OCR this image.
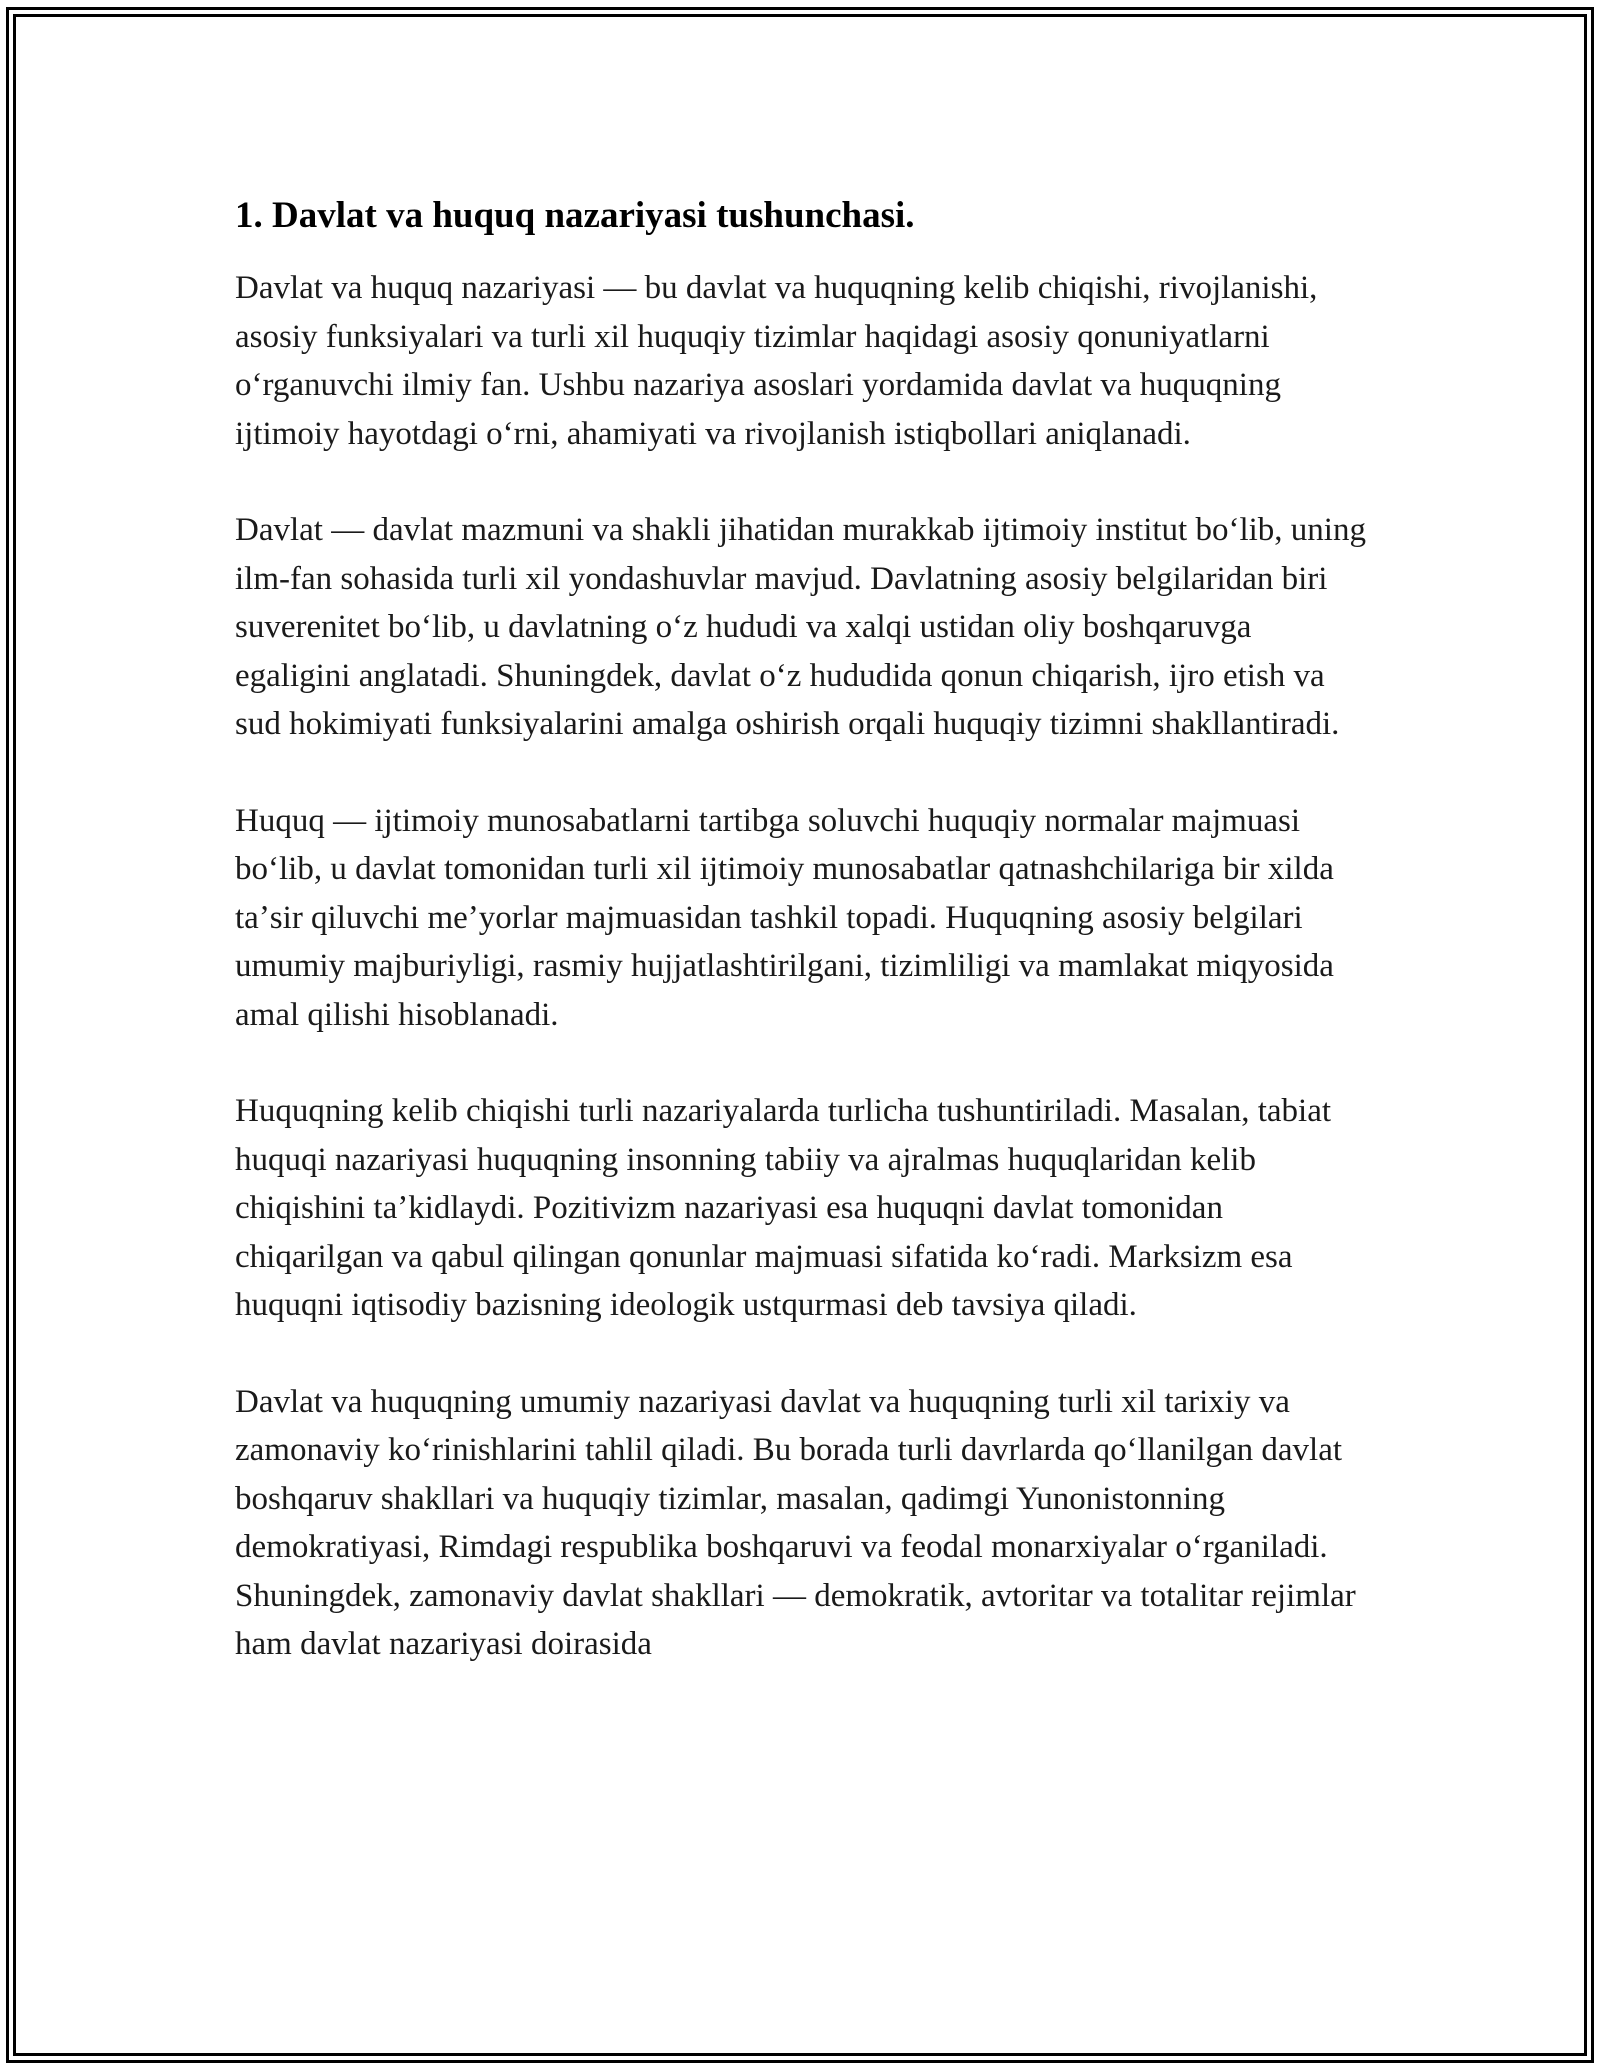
1. Davlat va huquq nazariyasi tushunchasi.

Davlat va huquq nazariyasi — bu davlat va huquqning kelib chiqishi, rivojlanishi, asosiy funksiyalari va turli xil huquqiy tizimlar haqidagi asosiy qonuniyatlarni oʻrganuvchi ilmiy fan. Ushbu nazariya asoslari yordamida davlat va huquqning ijtimoiy hayotdagi oʻrni, ahamiyati va rivojlanish istiqbollari aniqlanadi.

Davlat — davlat mazmuni va shakli jihatidan murakkab ijtimoiy institut boʻlib, uning ilm-fan sohasida turli xil yondashuvlar mavjud. Davlatning asosiy belgilaridan biri suverenitet boʻlib, u davlatning oʻz hududi va xalqi ustidan oliy boshqaruvga egaligini anglatadi. Shuningdek, davlat oʻz hududida qonun chiqarish, ijro etish va sud hokimiyati funksiyalarini amalga oshirish orqali huquqiy tizimni shakllantiradi.

Huquq — ijtimoiy munosabatlarni tartibga soluvchi huquqiy normalar majmuasi boʻlib, u davlat tomonidan turli xil ijtimoiy munosabatlar qatnashchilariga bir xilda taʼsir qiluvchi meʼyorlar majmuasidan tashkil topadi. Huquqning asosiy belgilari umumiy majburiyligi, rasmiy hujjatlashtirilgani, tizimliligi va mamlakat miqyosida amal qilishi hisoblanadi.

Huquqning kelib chiqishi turli nazariyalarda turlicha tushuntiriladi. Masalan, tabiat huquqi nazariyasi huquqning insonning tabiiy va ajralmas huquqlaridan kelib chiqishini taʼkidlaydi. Pozitivizm nazariyasi esa huquqni davlat tomonidan chiqarilgan va qabul qilingan qonunlar majmuasi sifatida koʻradi. Marksizm esa huquqni iqtisodiy bazisning ideologik ustqurmasi deb tavsiya qiladi.

Davlat va huquqning umumiy nazariyasi davlat va huquqning turli xil tarixiy va zamonaviy koʻrinishlarini tahlil qiladi. Bu borada turli davrlarda qoʻllanilgan davlat boshqaruv shakllari va huquqiy tizimlar, masalan, qadimgi Yunonistonning demokratiyasi, Rimdagi respublika boshqaruvi va feodal monarxiyalar oʻrganiladi. Shuningdek, zamonaviy davlat shakllari — demokratik, avtoritar va totalitar rejimlar ham davlat nazariyasi doirasida
